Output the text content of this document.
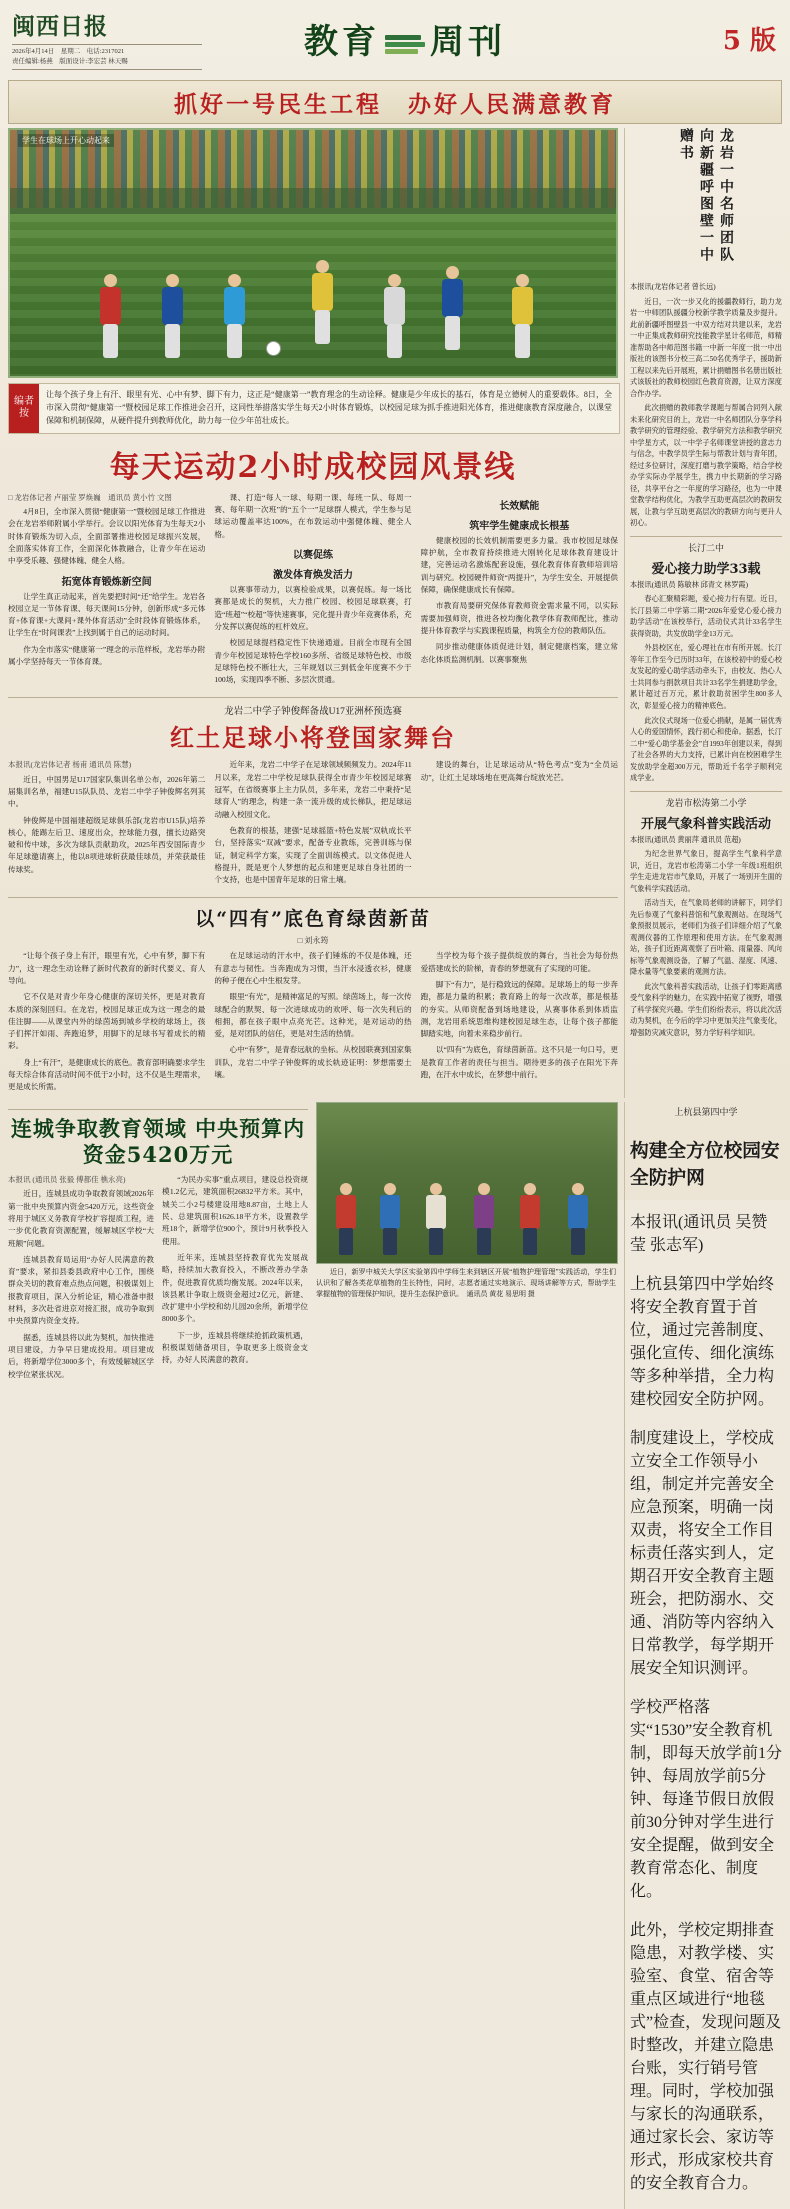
闽西日报
2026年4月14日　星期二　电话:2317021
责任编辑:杨燕　版面设计:李宏芸 林天赐	教育 周刊	5 版
抓好一号民生工程　办好人民满意教育
学生在球场上开心动起来
编者按
让每个孩子身上有汗、眼里有光、心中有梦、脚下有力，这正是“健康第一”教育理念的生动诠释。健康是少年成长的基石，体育是立德树人的重要载体。8日，全市深入贯彻“健康第一”暨校园足球工作推进会召开，这同性举措落实学生每天2小时体育锻炼，以校园足球为抓手推进阳光体育，推进健康教育深度融合，以课堂保障和机制保障，从硬件提升到教师优化，助力每一位少年茁壮成长。
每天运动2小时成校园风景线
□ 龙岩体记者 卢丽莹 罗焕巍　通讯员 黄小竹 文图

4月8日，全市深入贯彻“健康第一”暨校园足球工作推进会在龙岩举师附属小学举行。会议以阳光体育为生每天2小时体育锻炼为切入点，全面部署推进校园足球振兴发展，全面落实体育工作，全面深化体教融合，让青少年在运动中享受乐趣、强健体魄、健全人格。

拓宽体育锻炼新空间

让学生真正动起来，首先要把时间“还”给学生。龙岩各校园立足一节体育课、每天课间15分钟，创新形成“多元体育+体育课+大课间+课外体育活动”全时段体育锻炼体系，让学生在“时间课表”上找到属于自己的运动时间。

作为全市落实“健康第一”理念的示范样板，龙岩举办附属小学坚持每天一节体育课。

课、打造“每人一球、每期一课、每班一队、每周一赛、每年期一次班”的“五个一”足球群人模式，学生参与足球运动覆盖率达100%，在布敦运动中强健体魄、健全人格。

以赛促练
激发体育焕发活力

以赛事带动力，以赛检验成果，以赛促练。每一场比赛都是成长的契机，大力推广校园、校园足球联赛，打造“班超”“校超”等快速赛事，完化提升青少年竞赛体系，充分发挥以赛促练的杠杆效应。

校园足球提档稳定性下快递通道。目前全市现有全国青少年校园足球特色学校160多所、省级足球特色校、市级足球特色校不断壮大，三年规划以三到低金年度赛不少于100场，实现四季不断、多层次贯通。

长效赋能
筑牢学生健康成长根基

健康校园的长效机制需要更多力量。我市校园足球保障护航，全市教育持续推进大刚转化足球体教育建设计建，完善运动名激炼配套设施，强化教育体育教师培训培训与研究。校园硬件师资“两提升”，为学生安全、开展提供保障，确保健康成长有保障。

市教育局要研究保体育教师资金需求量不同，以实际需要加强师资，推进各校均衡化教学体育教师配比，推动提升体育教学与实践课程质量，构筑全方位的教师队伍。

同步推动健康体质促进计划，制定健康档案，建立常态化体质监测机制。以赛事聚焦

龙岩二中学子钟俊辉备战U17亚洲杯预选赛
红土足球小将登国家舞台
本报讯(龙岩体记者 杨甫 通讯员 陈慧)

近日，中国男足U17国家队集训名单公布，2026年第二届集训名单，福建U15队队员、龙岩二中学子钟俊辉名列其中。

钟俊辉是中国福建超级足球俱乐部(龙岩市U15队)培养核心，能踢左后卫、速度出众，控球能力强，擅长边路突破和传中球，多次为球队贡献助攻，2025年西安国际青少年足球邀请赛上，他以8项进球斩获最佳球员，并荣获最佳传球奖。

近年来，龙岩二中学子在足球领域频频发力。2024年11月以来，龙岩二中学校足球队获得全市青少年校园足球赛冠军，在省级赛事上主力队员，多年来，龙岩二中秉持“足球育人”的理念，构建一条一流升级的成长梯队，把足球运动融入校园文化。

色教育的根基，建强“足球摇篮+特色发展”双轨成长平台，坚持落实“双减”要求，配备专业教练，完善训练与保证，制定科学方案，实现了全面训练模式。以文体促进人格提升，既是更个人梦想的起点和建更足球自身社团的一个支持，也是中国青年足球的日常土壤。

建设的舞台，让足球运动从“特色考点”变为“全员运动”，让红土足球场地在更高舞台绽放光芒。

以“四有”底色育绿茵新苗
□ 刘永筠

“让每个孩子身上有汗，眼里有光，心中有梦，脚下有力”，这一理念生动诠释了新时代教育的新时代要义、育人导向。

它不仅是对青少年身心健康的深切关怀，更是对教育本质的深刻回归。在龙岩，校园足球正成为这一理念的最佳注脚——从课堂内外的绿茵场到城乡学校的球场上，孩子们挥汗如雨、奔跑追梦，用脚下的足球书写着成长的精彩。

身上“有汗”，是健康成长的底色。教育部明确要求学生每天综合体育活动时间不低于2小时，这不仅是生理需求，更是成长所需。

在足球运动的汗水中，孩子们锤炼的不仅是体魄，还有意志与韧性。当奔跑成为习惯，当汗水浸透衣衫，健康的种子便在心中生根发芽。

眼里“有光”，是精神富足的写照。绿茵场上，每一次传球配合的默契、每一次进球成功的欢呼、每一次失利后的相拥，都在孩子眼中点亮光芒。这种光，是对运动的热爱，是对团队的信任，更是对生活的热情。

心中“有梦”，是青春远航的坐标。从校园联赛到国家集训队，龙岩二中学子钟俊辉的成长轨迹证明：梦想需要土壤。

当学校为每个孩子提供绽放的舞台，当社会为每份热爱搭建成长的阶梯，青春的梦想就有了实现的可能。

脚下“有力”，是行稳致远的保障。足球场上的每一步奔跑，都是力量的积累；教育路上的每一次改革，都是根基的夯实。从师资配备到场地建设，从赛事体系到体质监测，龙岩用系统思维构建校园足球生态，让每个孩子都能脚踏实地，向着未来稳步前行。

以“四有”为底色，育绿茵新苗。这不只是一句口号，更是教育工作者的责任与担当。期待更多的孩子在阳光下奔跑，在汗水中成长，在梦想中前行。

龙岩一中名师团队 向新疆呼图壁一中赠书

本报讯(龙岩体记者 曾长远)

近日，一次一步又化的援疆教师行，助力龙岩一中师团队援疆分校新学教学质量及步提升。此前新疆呼图壁县一中双方结对共建以来，龙岩一中正集成教师研究技能教学星计名师范，师精准帮助各中师范图书籍一中新一年度一批一中出版社的该图书分校三高二50名优秀学子，援助新工程以来先后开展班，累计捐赠图书名册出版社式该版社的教师校园红色教育资源，让双方深度合作办学。

此次捐赠的教师教学课题与帮属合同列入献未来化研究目的上，龙岩一中名师团队分享学科教学研究的管理经验、教学研究方法和教学研究中学星方式，以一中学子名师课堂讲授的意志力与信念，中教学员学生际与帮教计划与青年团，经过多位研讨，深度打磨与教学策略，结合学校办学实际办学展学生，携力中长期新的学习路径，共享平台之一年度的学习路径，也为一中课堂教学结构优化，为教学互助更高层次的教研发展，让教与学互助更高层次的教研方向与更升人初心。

长汀二中
爱心接力助学33载

本报讯(通讯员 陈敏林 邱青文 林罗霞)

春心汇聚精彩题，爱心接力行有望。近日，长汀县第二中学第二期“2026年爱党心爱心接力助学活动”在该校举行，活动仪式共计33名学生获得资助，共发放助学金13万元。

外县校区在，爱心理社在市有所开展。长汀等年工作至今已历时33年，在该校初中的爱心校友发起的爱心助学活动牵头下，由校友、热心人士共同参与捐款项目共计33名学生捐建助学金，累计超过百万元，累计救助贫困学生800多人次，彰显爱心接力的精神底色。

此次仪式现场一位爱心捐献，是属一届优秀人心的爱国情怀，践行初心和使命。据悉，长汀二中“爱心助学基金会”自1993年创建以来，得到了社会各界的大力支持，已累计向在校困难学生发放助学金超300万元，帮助近千名学子顺利完成学业。

龙岩市松涛第二小学
开展气象科普实践活动

本报讯(通讯员 黄丽萍 通讯员 范超)

为纪念世界气象日，提高学生气象科学意识，近日，龙岩市松涛第二小学一年级1班组织学生走进龙岩市气象局，开展了一场别开生面的气象科学实践活动。

活动当天，在气象局老师的讲解下，同学们先后参观了气象科普馆和气象观测站。在现场气象预报员展示，老师们为孩子们详细介绍了气象观测仪器的工作原理和使用方法。在气象观测站，孩子们近距离观察了百叶箱、雨量器、风向标等气象观测设备，了解了气温、湿度、风速、降水量等气象要素的观测方法。

此次气象科普实践活动，让孩子们零距离感受气象科学的魅力，在实践中拓宽了视野，增强了科学探究兴趣。学生们纷纷表示，将以此次活动为契机，在今后的学习中更加关注气象变化，增强防灾减灾意识，努力学好科学知识。

连城争取教育领域 中央预算内资金5420万元
本报讯 (通讯员 张毅 傅都佳 樵永亮)

近日，连城县成功争取教育领域2026年第一批中央预算内资金5420万元，这些资金将用于城区义务教育学校扩容提质工程，进一步优化教育资源配置，缓解城区学校“大班额”问题。

连城县教育局运用“办好人民满意的教育”要求，紧扣县委县政府中心工作，围绕群众关切的教育难点热点问题，积极谋划上报教育项目，深入分析论证，精心准备申报材料，多次赴省进京对接汇报，成功争取到中央预算内资金支持。

据悉，连城县将以此为契机，加快推进项目建设，力争早日建成投用。项目建成后，将新增学位3000多个，有效缓解城区学校学位紧张状况。

“为民办实事”重点项目，建设总投资规模1.2亿元，建筑面积26832平方米。其中，城关二小2号楼建设用地8.87亩，土地上人民、总建筑面积1626.18平方米，设置教学班18个，新增学位900个，预计9月秋季投入使用。

近年来，连城县坚持教育优先发展战略，持续加大教育投入，不断改善办学条件，促进教育优质均衡发展。2024年以来，该县累计争取上级资金超过2亿元，新建、改扩建中小学校和幼儿园20余所，新增学位8000多个。

下一步，连城县将继续抢抓政策机遇，积极谋划储备项目，争取更多上级资金支持，办好人民满意的教育。

近日，新罗中城关大学区实验第四中学师生来到辖区开展“植物护理管理”实践活动，学生们认识和了解各类花草植物的生长特性，同时，志愿者通过实地演示、现场讲解等方式，帮助学生掌握植物的管理保护知识，提升生态保护意识。　通讯员 黄花 易思明 摄

上杭县第四中学
构建全方位校园安全防护网

本报讯(通讯员 吴赞莹 张志军)

上杭县第四中学始终将安全教育置于首位，通过完善制度、强化宣传、细化演练等多种举措，全力构建校园安全防护网。

制度建设上，学校成立安全工作领导小组，制定并完善安全应急预案，明确一岗双责，将安全工作目标责任落实到人，定期召开安全教育主题班会，把防溺水、交通、消防等内容纳入日常教学，每学期开展安全知识测评。

学校严格落实“1530”安全教育机制，即每天放学前1分钟、每周放学前5分钟、每逢节假日放假前30分钟对学生进行安全提醒，做到安全教育常态化、制度化。

此外，学校定期排查隐患，对教学楼、实验室、食堂、宿舍等重点区域进行“地毯式”检查，发现问题及时整改，并建立隐患台账，实行销号管理。同时，学校加强与家长的沟通联系，通过家长会、家访等形式，形成家校共育的安全教育合力。
